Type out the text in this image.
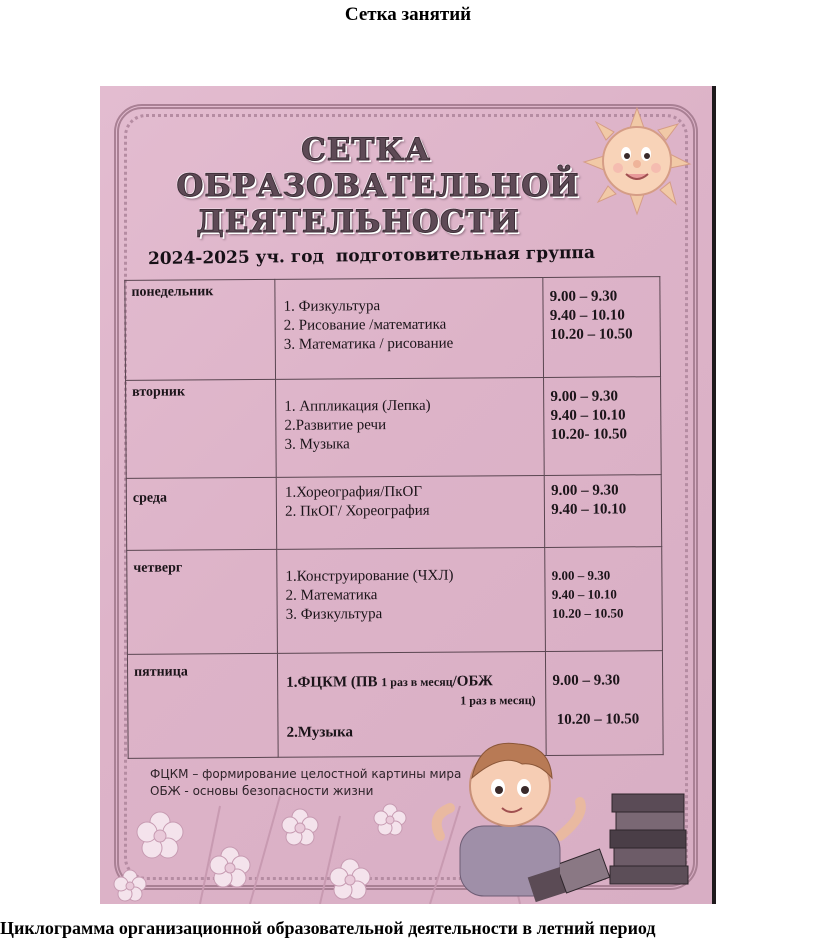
Сетка занятий
СЕТКА
ОБРАЗОВАТЕЛЬНОЙ
ДЕЯТЕЛЬНОСТИ
2024-2025 уч. год подготовительная группа
понедельник	1. Физкультура
2. Рисование /математика
3. Математика / рисование	9.00 – 9.30
9.40 – 10.10
10.20 – 10.50

вторник	1. Аппликация (Лепка)
2.Развитие речи
3. Музыка	9.00 – 9.30
9.40 – 10.10
10.20- 10.50

среда	1.Хореография/ПкОГ
2. ПкОГ/ Хореография	9.00 – 9.30
9.40 – 10.10

четверг	1.Конструирование (ЧХЛ)
2. Математика
3. Физкультура	9.00 – 9.30
9.40 – 10.10
10.20 – 10.50

пятница	1.ФЦКМ (ПВ 1 раз в месяц/ОБЖ
1 раз в месяц)
2.Музыка	9.00 – 9.30
10.20 – 10.50
ФЦКМ – формирование целостной картины мира
ОБЖ - основы безопасности жизни
Циклограмма организационной образовательной деятельности в летний период
